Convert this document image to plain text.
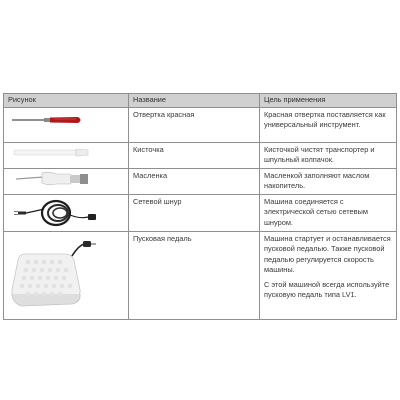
Рисунок	Название	Цель применения

	Отвертка красная	Красная отвертка поставляется как универсальный инструмент.

	Кисточка	Кисточкой чистят транспортер и шпульный колпачок.

	Масленка	Масленкой заполняют маслом накопитель.

	Сетевой шнур	Машина соединяется с электрической сетью сетевым шнуром.

	Пусковая педаль	Машина стартует и останавливается пусковой педалью. Также пусковой педалью регулируется скорость машины.

С этой машиной всегда используйте пусковую педаль типа LV1.
